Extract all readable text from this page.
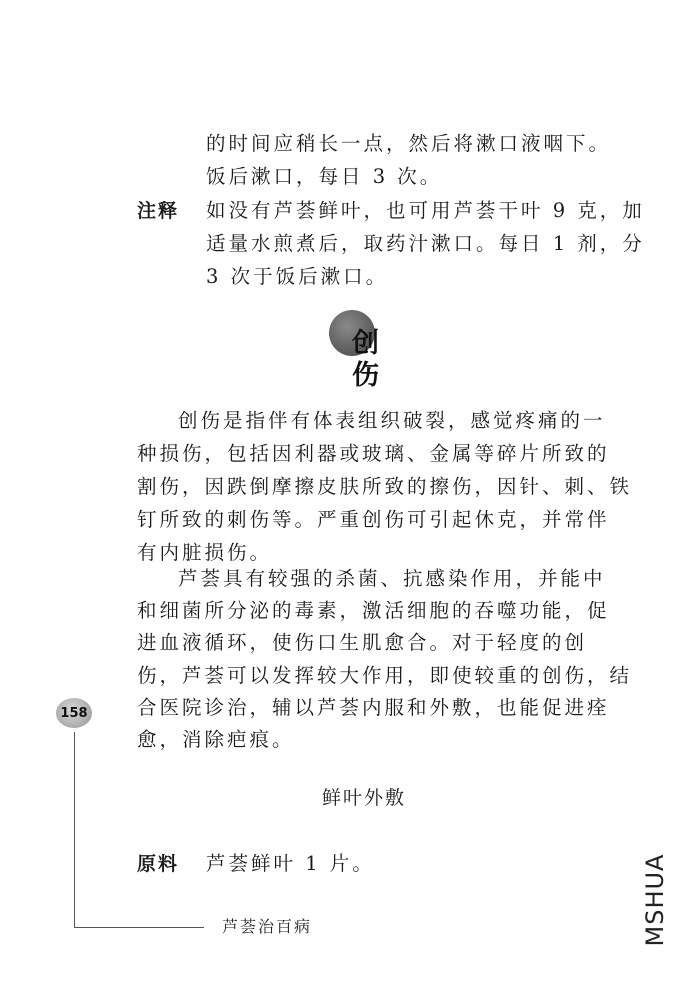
的时间应稍长一点，然后将漱口液咽下。
饭后漱口，每日 3 次。
注释 如没有芦荟鲜叶，也可用芦荟干叶 9 克，加
适量水煎煮后，取药汁漱口。每日 1 剂，分
3 次于饭后漱口。
创 伤
创伤是指伴有体表组织破裂，感觉疼痛的一
种损伤，包括因利器或玻璃、金属等碎片所致的
割伤，因跌倒摩擦皮肤所致的擦伤，因针、刺、铁
钉所致的刺伤等。严重创伤可引起休克，并常伴
有内脏损伤。
芦荟具有较强的杀菌、抗感染作用，并能中
和细菌所分泌的毒素，激活细胞的吞噬功能，促
进血液循环，使伤口生肌愈合。对于轻度的创
伤，芦荟可以发挥较大作用，即使较重的创伤，结
合医院诊治，辅以芦荟内服和外敷，也能促进痊
愈，消除疤痕。
鲜叶外敷
原料 芦荟鲜叶 1 片。
158
芦荟治百病	MSHUA
